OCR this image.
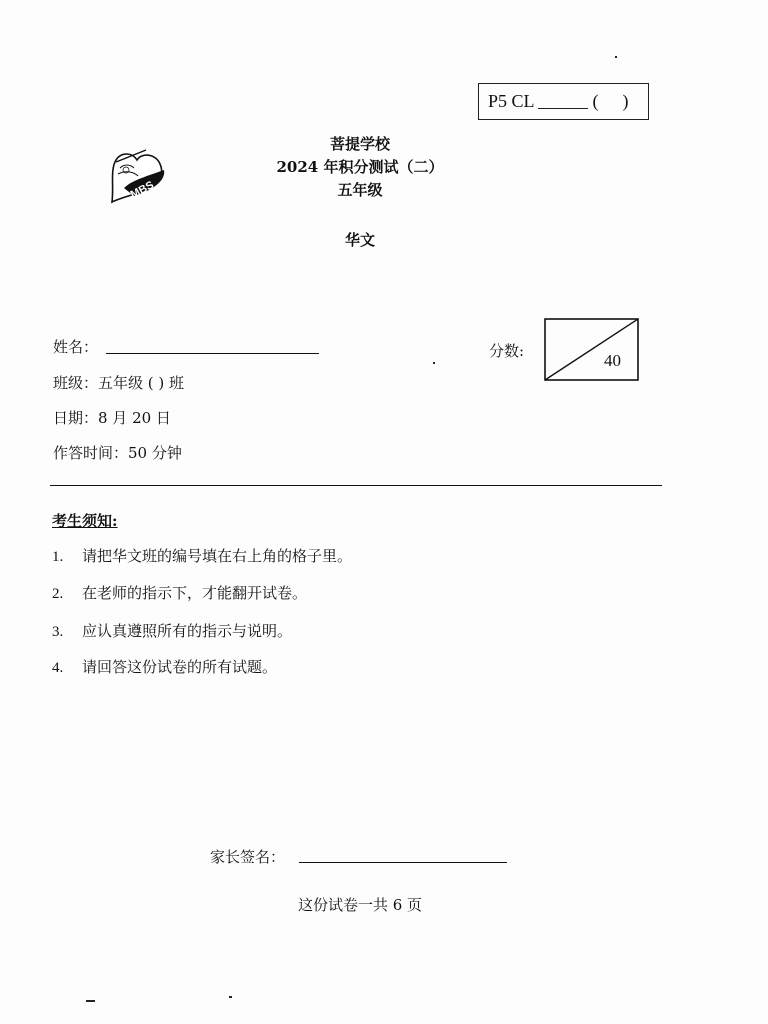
P5 CL	( )
MBS
菩提学校
2024 年积分测试（二）
五年级
华文
姓名：
班级：五年级 ( ) 班
日期：8 月 20 日
作答时间：50 分钟
分数:	40
考生须知:
1. 请把华文班的编号填在右上角的格子里。
2. 在老师的指示下，才能翻开试卷。
3. 应认真遵照所有的指示与说明。
4. 请回答这份试卷的所有试题。
家长签名：
这份试卷一共 6 页
